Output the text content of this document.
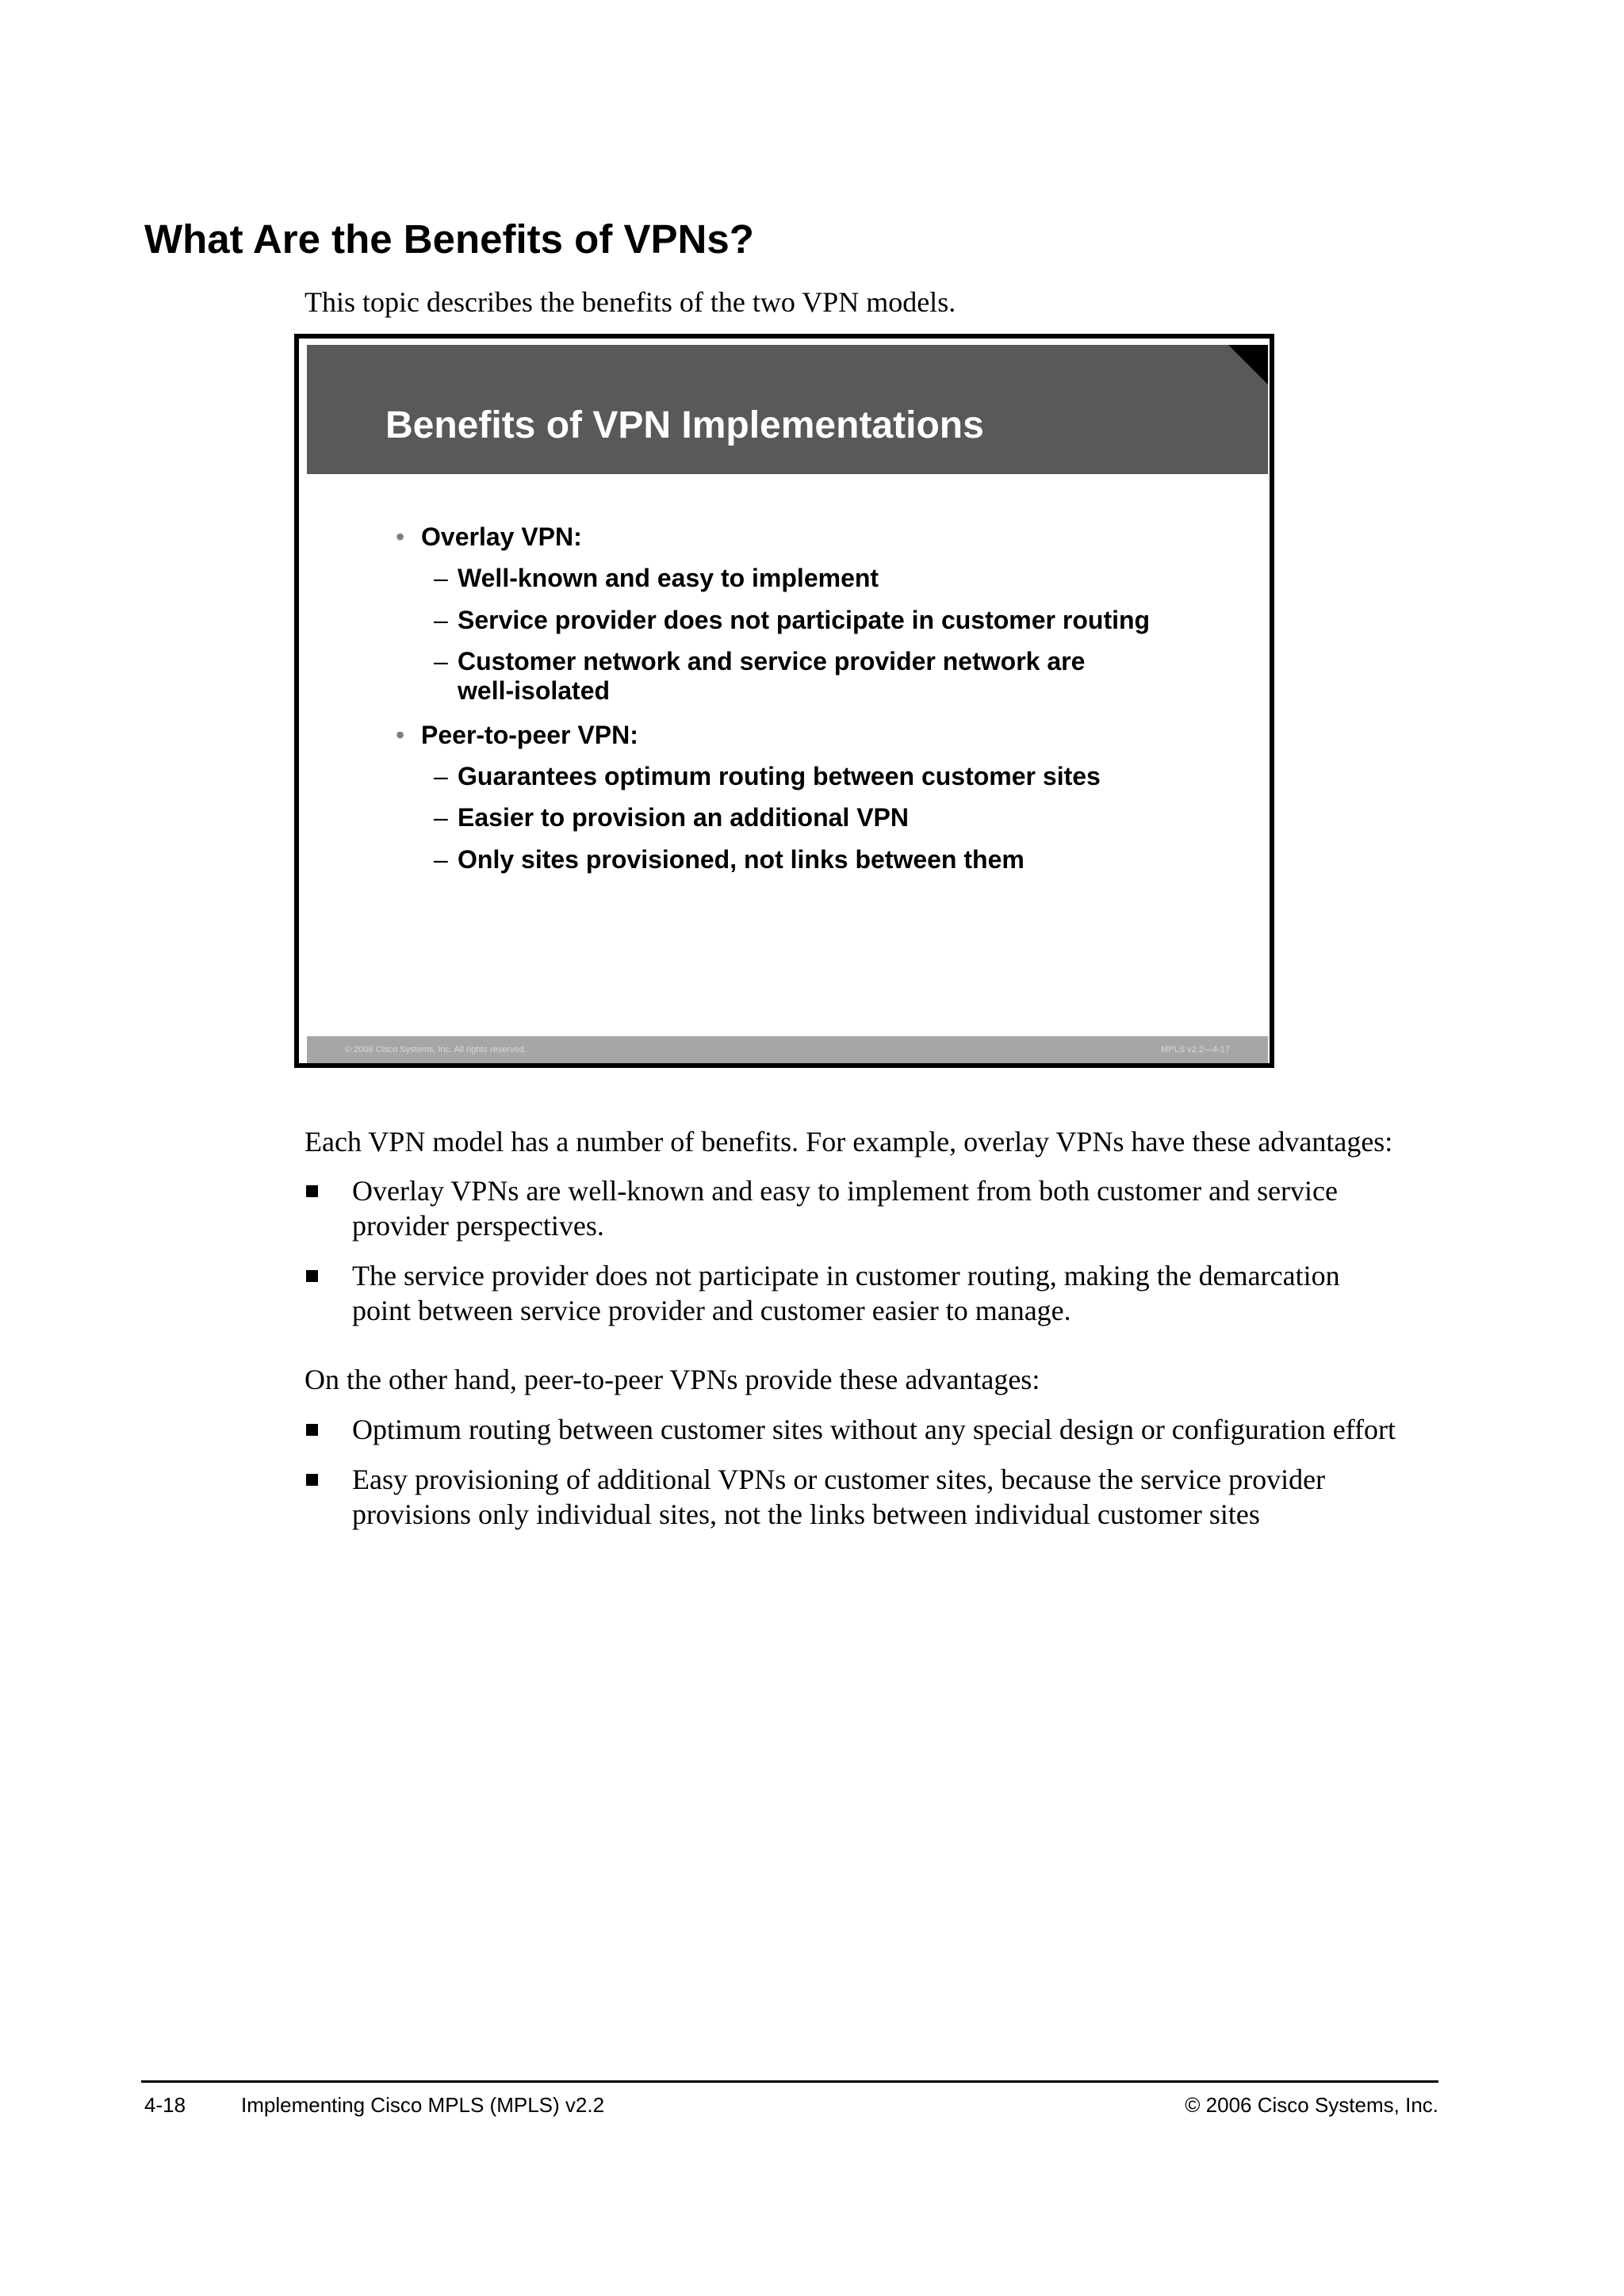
What Are the Benefits of VPNs?

This topic describes the benefits of the two VPN models.

Benefits of VPN Implementations

• Overlay VPN:

– Well-known and easy to implement

– Service provider does not participate in customer routing

– Customer network and service provider network are

well-isolated

• Peer-to-peer VPN:

– Guarantees optimum routing between customer sites

– Easier to provision an additional VPN

– Only sites provisioned, not links between them

© 2006 Cisco Systems, Inc. All rights reserved.	MPLS v2.2—4-17

Each VPN model has a number of benefits. For example, overlay VPNs have these advantages:

Overlay VPNs are well-known and easy to implement from both customer and service
provider perspectives.
The service provider does not participate in customer routing, making the demarcation
point between service provider and customer easier to manage.

On the other hand, peer-to-peer VPNs provide these advantages:

Optimum routing between customer sites without any special design or configuration effort
Easy provisioning of additional VPNs or customer sites, because the service provider
provisions only individual sites, not the links between individual customer sites

4-18	Implementing Cisco MPLS (MPLS) v2.2	© 2006 Cisco Systems, Inc.
